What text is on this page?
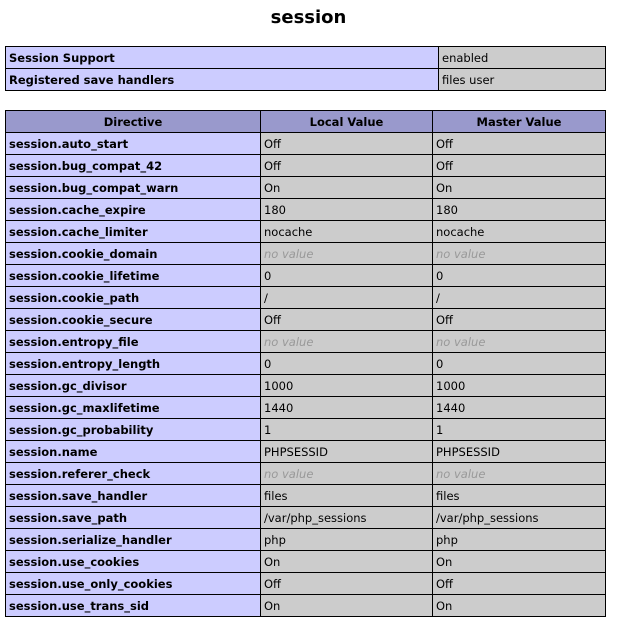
session
Session Support	enabled
Registered save handlers	files user
Directive	Local Value	Master Value
session.auto_start	Off	Off
session.bug_compat_42	Off	Off
session.bug_compat_warn	On	On
session.cache_expire	180	180
session.cache_limiter	nocache	nocache
session.cookie_domain	no value	no value
session.cookie_lifetime	0	0
session.cookie_path	/	/
session.cookie_secure	Off	Off
session.entropy_file	no value	no value
session.entropy_length	0	0
session.gc_divisor	1000	1000
session.gc_maxlifetime	1440	1440
session.gc_probability	1	1
session.name	PHPSESSID	PHPSESSID
session.referer_check	no value	no value
session.save_handler	files	files
session.save_path	/var/php_sessions	/var/php_sessions
session.serialize_handler	php	php
session.use_cookies	On	On
session.use_only_cookies	Off	Off
session.use_trans_sid	On	On
